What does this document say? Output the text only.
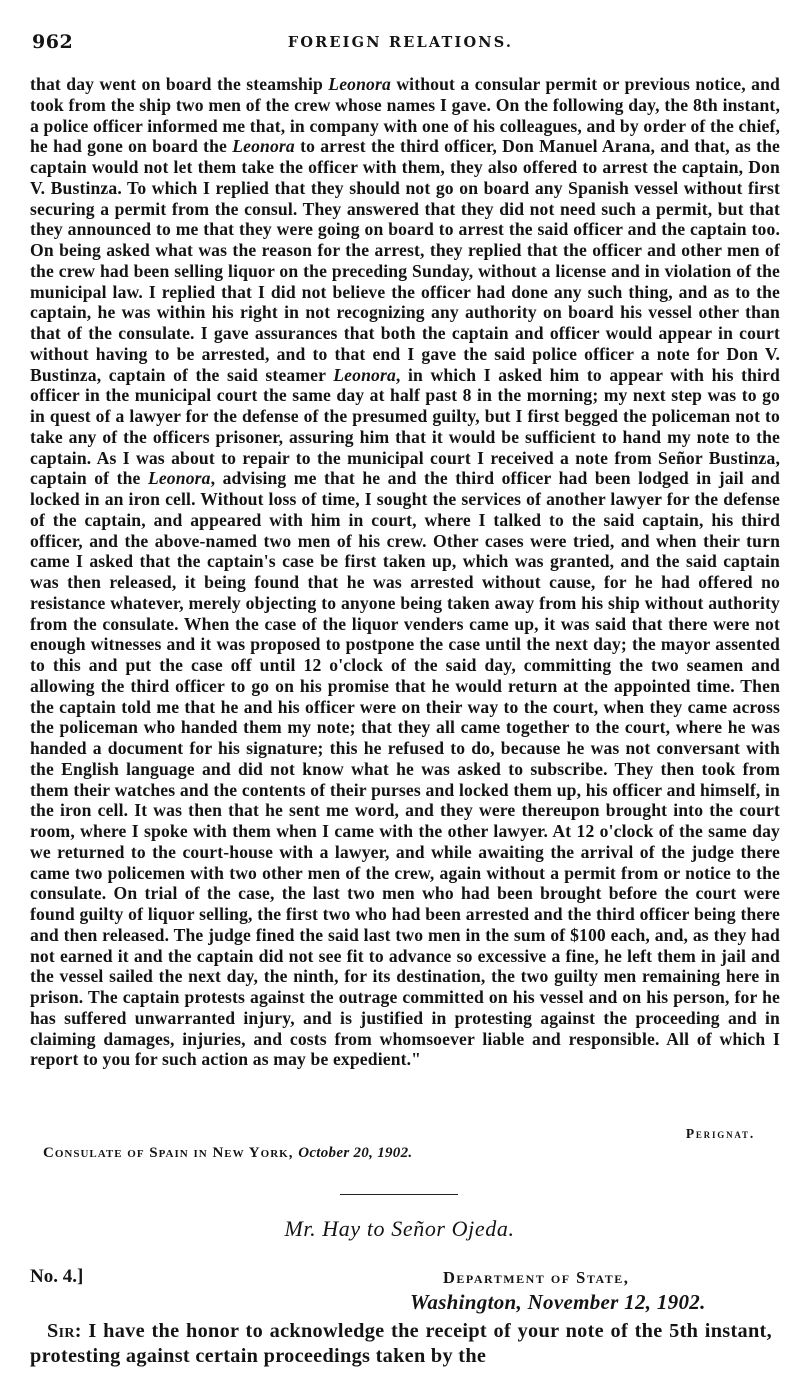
962	FOREIGN RELATIONS.

that day went on board the steamship Leonora without a consular permit or previous notice, and took from the ship two men of the crew whose names I gave. On the following day, the 8th instant, a police officer informed me that, in company with one of his colleagues, and by order of the chief, he had gone on board the Leonora to arrest the third officer, Don Manuel Arana, and that, as the captain would not let them take the officer with them, they also offered to arrest the captain, Don V. Bustinza. To which I replied that they should not go on board any Spanish vessel without first securing a permit from the consul. They answered that they did not need such a permit, but that they announced to me that they were going on board to arrest the said officer and the captain too. On being asked what was the reason for the arrest, they replied that the officer and other men of the crew had been selling liquor on the preceding Sunday, without a license and in violation of the municipal law. I replied that I did not believe the officer had done any such thing, and as to the captain, he was within his right in not recognizing any authority on board his vessel other than that of the consulate. I gave assurances that both the captain and officer would appear in court without having to be arrested, and to that end I gave the said police officer a note for Don V. Bustinza, captain of the said steamer Leonora, in which I asked him to appear with his third officer in the municipal court the same day at half past 8 in the morning; my next step was to go in quest of a lawyer for the defense of the presumed guilty, but I first begged the policeman not to take any of the officers prisoner, assuring him that it would be sufficient to hand my note to the captain. As I was about to repair to the municipal court I received a note from Señor Bustinza, captain of the Leonora, advising me that he and the third officer had been lodged in jail and locked in an iron cell. Without loss of time, I sought the services of another lawyer for the defense of the captain, and appeared with him in court, where I talked to the said captain, his third officer, and the above-named two men of his crew. Other cases were tried, and when their turn came I asked that the captain's case be first taken up, which was granted, and the said captain was then released, it being found that he was arrested without cause, for he had offered no resistance whatever, merely objecting to anyone being taken away from his ship without authority from the consulate. When the case of the liquor venders came up, it was said that there were not enough witnesses and it was proposed to postpone the case until the next day; the mayor assented to this and put the case off until 12 o'clock of the said day, committing the two seamen and allowing the third officer to go on his promise that he would return at the appointed time. Then the captain told me that he and his officer were on their way to the court, when they came across the policeman who handed them my note; that they all came together to the court, where he was handed a document for his signature; this he refused to do, because he was not conversant with the English language and did not know what he was asked to subscribe. They then took from them their watches and the contents of their purses and locked them up, his officer and himself, in the iron cell. It was then that he sent me word, and they were thereupon brought into the court room, where I spoke with them when I came with the other lawyer. At 12 o'clock of the same day we returned to the court-house with a lawyer, and while awaiting the arrival of the judge there came two policemen with two other men of the crew, again without a permit from or notice to the consulate. On trial of the case, the last two men who had been brought before the court were found guilty of liquor selling, the first two who had been arrested and the third officer being there and then released. The judge fined the said last two men in the sum of $100 each, and, as they had not earned it and the captain did not see fit to advance so excessive a fine, he left them in jail and the vessel sailed the next day, the ninth, for its destination, the two guilty men remaining here in prison. The captain protests against the outrage committed on his vessel and on his person, for he has suffered unwarranted injury, and is justified in protesting against the proceeding and in claiming damages, injuries, and costs from whomsoever liable and responsible. All of which I report to you for such action as may be expedient."

Perignat.
Consulate of Spain in New York, October 20, 1902.
Mr. Hay to Señor Ojeda.
No. 4.]	Department of State,
Washington, November 12, 1902.

Sir: I have the honor to acknowledge the receipt of your note of the 5th instant, protesting against certain proceedings taken by the
